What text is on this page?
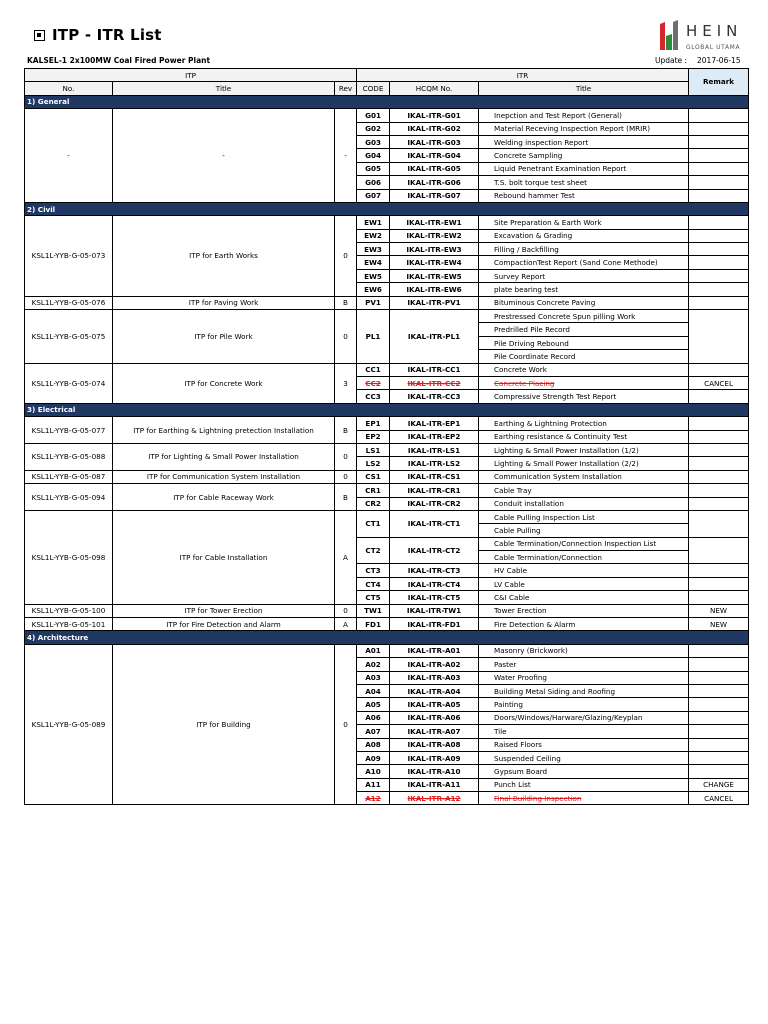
ITP - ITR List
KALSEL-1 2x100MW Coal Fired Power Plant	Update :	2017-06-15
HEIN
GLOBAL UTAMA
ITP			ITR			Remark
No.	Title	Rev	CODE	HCQM No.	Title	
1) General						
-	-	-	G01	IKAL-ITR-G01	Inepction and Test Report (General)	
			G02	IKAL-ITR-G02	Material Receving Inspection Report (MRIR)	
			G03	IKAL-ITR-G03	Welding inspection Report	
			G04	IKAL-ITR-G04	Concrete Sampling	
			G05	IKAL-ITR-G05	Liquid Penetrant Examination Report	
			G06	IKAL-ITR-G06	T.S. bolt torque test sheet	
			G07	IKAL-ITR-G07	Rebound hammer Test	
2) Civil						
KSL1L-YYB-G-05-073	ITP for Earth Works	0	EW1	IKAL-ITR-EW1	Site Preparation & Earth Work	
			EW2	IKAL-ITR-EW2	Excavation & Grading	
			EW3	IKAL-ITR-EW3	Filling / Backfilling	
			EW4	IKAL-ITR-EW4	CompactionTest Report (Sand Cone Methode)	
			EW5	IKAL-ITR-EW5	Survey Report	
			EW6	IKAL-ITR-EW6	plate bearing test	
KSL1L-YYB-G-05-076	ITP for Paving Work	B	PV1	IKAL-ITR-PV1	Bituminous Concrete Paving	
KSL1L-YYB-G-05-075	ITP for Pile Work	0	PL1	IKAL-ITR-PL1	Prestressed Concrete Spun pilling Work	
					Predrilled Pile Record	
					Pile Driving Rebound	
					Pile Coordinate Record	
KSL1L-YYB-G-05-074	ITP for Concrete Work	3	CC1	IKAL-ITR-CC1	Concrete Work	
			CC2	IKAL-ITR-CC2	Concrete Placing	CANCEL
			CC3	IKAL-ITR-CC3	Compressive Strength Test Report	
3) Electrical						
KSL1L-YYB-G-05-077	ITP for Earthing & Lightning pretection Installation	B	EP1	IKAL-ITR-EP1	Earthing & Lightning Protection	
			EP2	IKAL-ITR-EP2	Earthing resistance & Continuity Test	
KSL1L-YYB-G-05-088	ITP for Lighting & Small Power Installation	0	LS1	IKAL-ITR-LS1	Lighting & Small Power Installation (1/2)	
			LS2	IKAL-ITR-LS2	Lighting & Small Power Installation (2/2)	
KSL1L-YYB-G-05-087	ITP for Communication System Installation	0	CS1	IKAL-ITR-CS1	Communication System Installation	
KSL1L-YYB-G-05-094	ITP for Cable Raceway Work	B	CR1	IKAL-ITR-CR1	Cable Tray	
			CR2	IKAL-ITR-CR2	Conduit installation	
KSL1L-YYB-G-05-098	ITP for Cable Installation	A	CT1	IKAL-ITR-CT1	Cable Pulling Inspection List	
					Cable Pulling	
			CT2	IKAL-ITR-CT2	Cable Termination/Connection Inspection List	
					Cable Termination/Connection	
			CT3	IKAL-ITR-CT3	HV Cable	
			CT4	IKAL-ITR-CT4	LV Cable	
			CT5	IKAL-ITR-CT5	C&I Cable	
KSL1L-YYB-G-05-100	ITP for Tower Erection	0	TW1	IKAL-ITR-TW1	Tower Erection	NEW
KSL1L-YYB-G-05-101	ITP for Fire Detection and Alarm	A	FD1	IKAL-ITR-FD1	Fire Detection & Alarm	NEW
4) Architecture						
KSL1L-YYB-G-05-089	ITP for Building	0	A01	IKAL-ITR-A01	Masonry (Brickwork)	
			A02	IKAL-ITR-A02	Paster	
			A03	IKAL-ITR-A03	Water Proofing	
			A04	IKAL-ITR-A04	Building Metal Siding and Roofing	
			A05	IKAL-ITR-A05	Painting	
			A06	IKAL-ITR-A06	Doors/Windows/Harware/Glazing/Keyplan	
			A07	IKAL-ITR-A07	Tile	
			A08	IKAL-ITR-A08	Raised Floors	
			A09	IKAL-ITR-A09	Suspended Ceiling	
			A10	IKAL-ITR-A10	Gypsum Board	
			A11	IKAL-ITR-A11	Punch List	CHANGE
			A12	IKAL-ITR-A12	Final Building Inspection	CANCEL
